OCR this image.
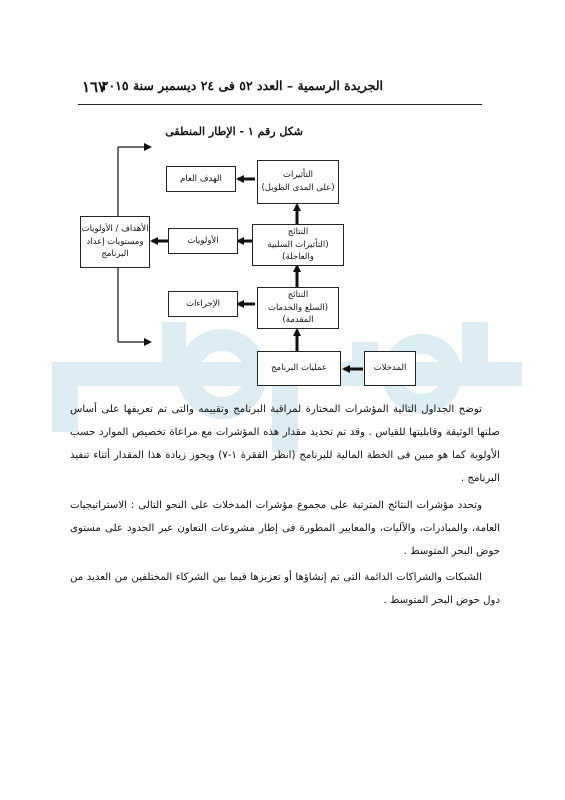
١٦٧
الجريدة الرسمية – العدد ٥٢ فى ٢٤ ديسمبر سنة ٢٠١٥
شكل رقم ١ - الإطار المنطقى
الأهداف / الأولويات
ومستويات إعداد
البرنامج
الهدف العام
الأولويات
الإجراءات
التأثيرات
(على المدى الطويل)
النتائج
(التأثيرات السلبية والعاجلة)
النتائج
(السلع والخدمات المقدمة)
عمليات البرنامج	المدخلات

توضح الجداول التالية المؤشرات المختارة لمراقبة البرنامج وتقييمه والتى تم تعريفها على أساس صلتها الوثيقة وقابليتها للقياس . وقد تم تحديد مقدار هذه المؤشرات مع مراعاة تخصيص الموارد حسب الأولوية كما هو مبين فى الخطة المالية للبرنامج (انظر الفقرة ١-٧) ويجوز زيادة هذا المقدار أثناء تنفيذ البرنامج .

وتحدد مؤشرات النتائج المترتبة على مجموع مؤشرات المدخلات على النحو التالى : الاستراتيجيات العامة، والمبادرات، والآليات، والمعايير المطورة فى إطار مشروعات التعاون عبر الحدود على مستوى حوض البحر المتوسط .

الشبكات والشراكات الدائمة التى تم إنشاؤها أو تعزيزها فيما بين الشركاء المختلفين من العديد من دول حوض البحر المتوسط .
